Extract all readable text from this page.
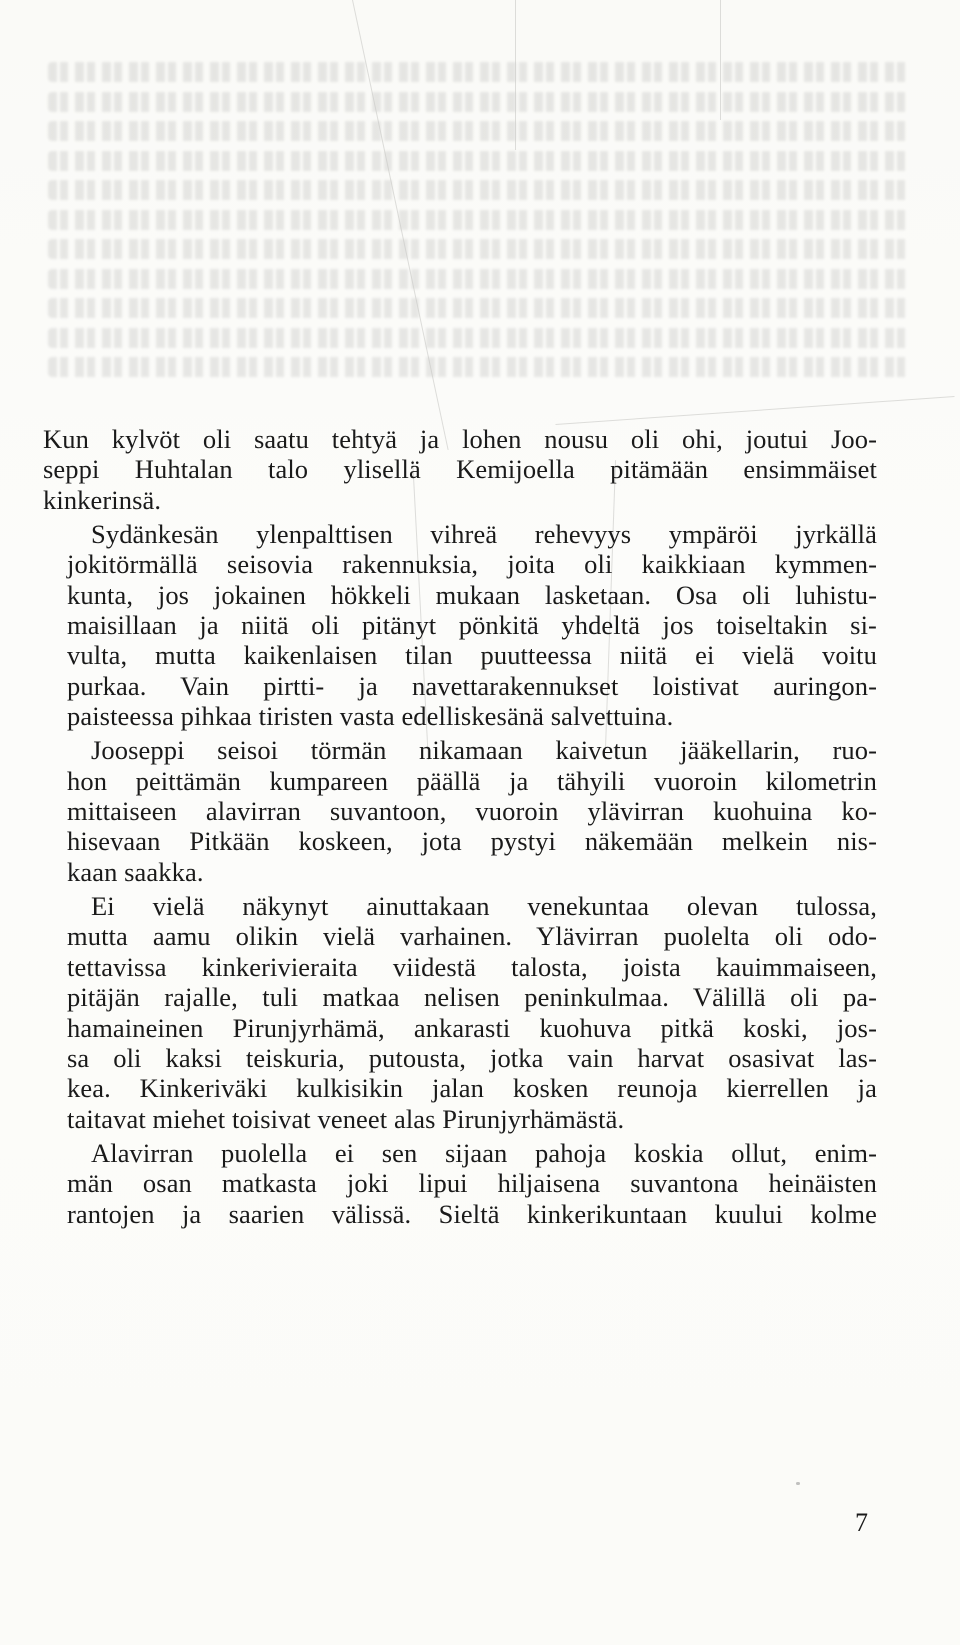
Kun kylvöt oli saatu tehtyä ja lohen nousu oli ohi, joutui Joo-
seppi Huhtalan talo ylisellä Kemijoella pitämään ensimmäiset
kinkerinsä.

Sydänkesän ylenpalttisen vihreä rehevyys ympäröi jyrkällä
jokitörmällä seisovia rakennuksia, joita oli kaikkiaan kymmen-
kunta, jos jokainen hökkeli mukaan lasketaan. Osa oli luhistu-
maisillaan ja niitä oli pitänyt pönkitä yhdeltä jos toiseltakin si-
vulta, mutta kaikenlaisen tilan puutteessa niitä ei vielä voitu
purkaa. Vain pirtti- ja navettarakennukset loistivat auringon-
paisteessa pihkaa tiristen vasta edelliskesänä salvettuina.

Jooseppi seisoi törmän nikamaan kaivetun jääkellarin, ruo-
hon peittämän kumpareen päällä ja tähyili vuoroin kilometrin
mittaiseen alavirran suvantoon, vuoroin ylävirran kuohuina ko-
hisevaan Pitkään koskeen, jota pystyi näkemään melkein nis-
kaan saakka.

Ei vielä näkynyt ainuttakaan venekuntaa olevan tulossa,
mutta aamu olikin vielä varhainen. Ylävirran puolelta oli odo-
tettavissa kinkerivieraita viidestä talosta, joista kauimmaiseen,
pitäjän rajalle, tuli matkaa nelisen peninkulmaa. Välillä oli pa-
hamaineinen Pirunjyrhämä, ankarasti kuohuva pitkä koski, jos-
sa oli kaksi teiskuria, putousta, jotka vain harvat osasivat las-
kea. Kinkeriväki kulkisikin jalan kosken reunoja kierrellen ja
taitavat miehet toisivat veneet alas Pirunjyrhämästä.

Alavirran puolella ei sen sijaan pahoja koskia ollut, enim-
män osan matkasta joki lipui hiljaisena suvantona heinäisten
rantojen ja saarien välissä. Sieltä kinkerikuntaan kuului kolme

7
